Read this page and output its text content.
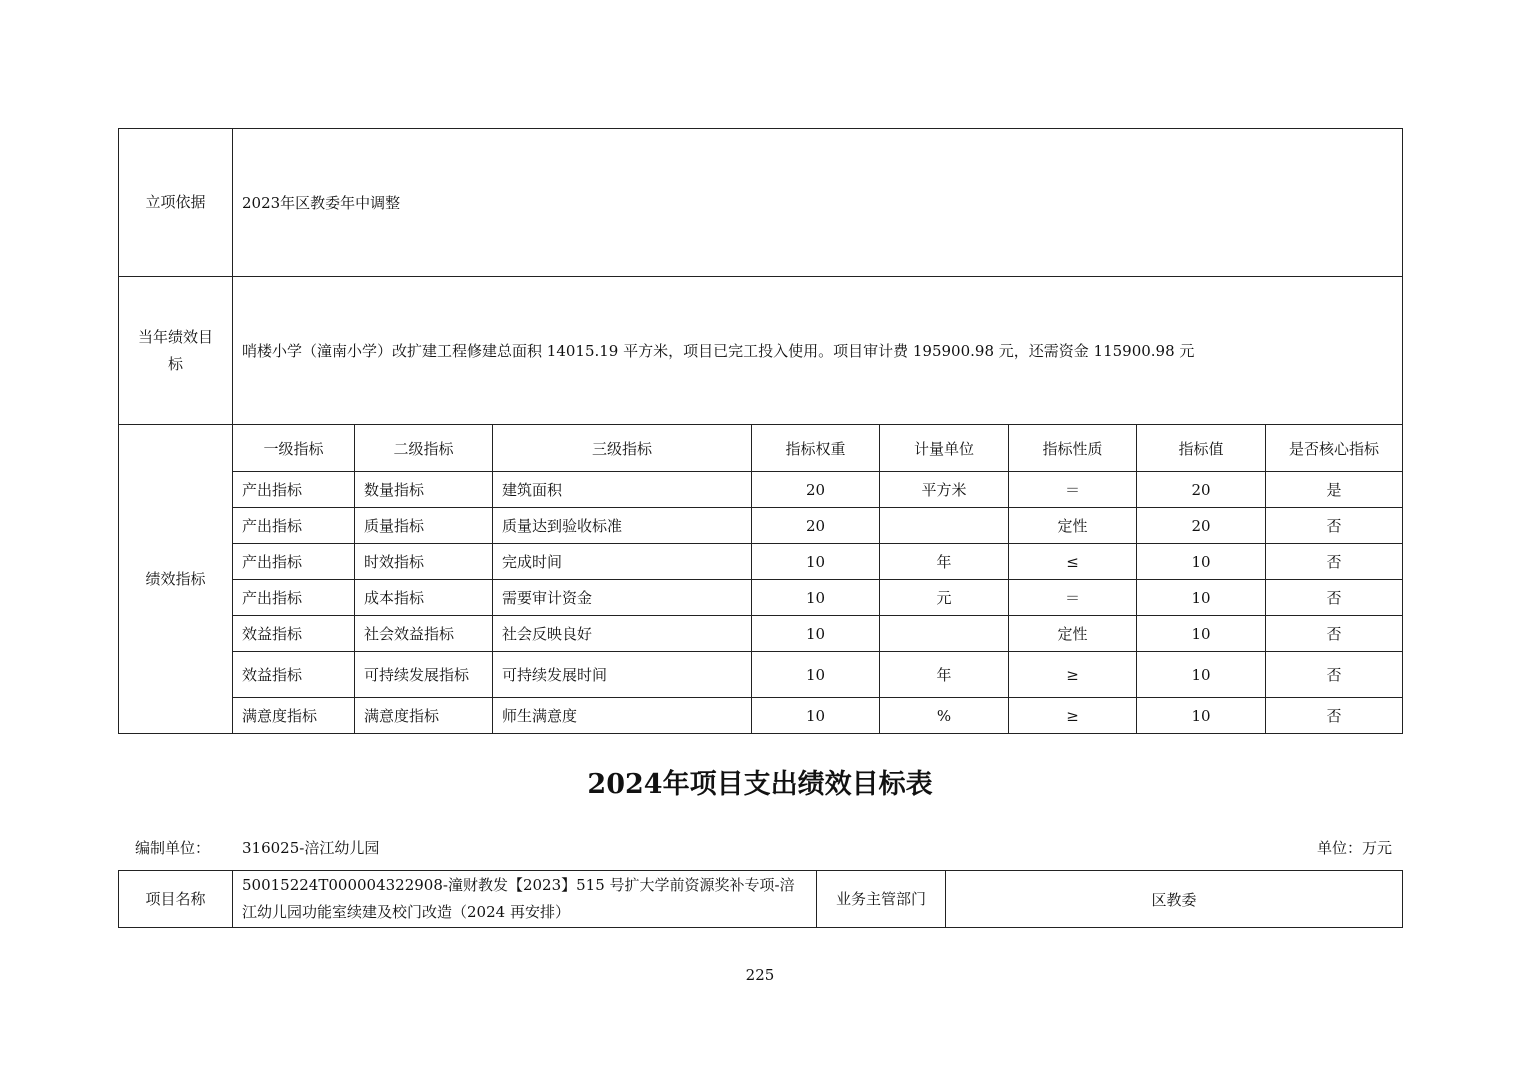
立项依据	2023年区教委年中调整							
当年绩效目标	哨楼小学（潼南小学）改扩建工程修建总面积 14015.19 平方米，项目已完工投入使用。项目审计费 195900.98 元，还需资金 115900.98 元							
绩效指标	一级指标	二级指标	三级指标	指标权重	计量单位	指标性质	指标值	是否核心指标
	产出指标	数量指标	建筑面积	20	平方米	＝	20	是
	产出指标	质量指标	质量达到验收标准	20		定性	20	否
	产出指标	时效指标	完成时间	10	年	≤	10	否
	产出指标	成本指标	需要审计资金	10	元	＝	10	否
	效益指标	社会效益指标	社会反映良好	10		定性	10	否
	效益指标	可持续发展指标	可持续发展时间	10	年	≥	10	否
	满意度指标	满意度指标	师生满意度	10	%	≥	10	否
2024年项目支出绩效目标表
编制单位： 316025-涪江幼儿园	单位：万元
项目名称	50015224T000004322908-潼财教发【2023】515 号扩大学前资源奖补专项-涪江幼儿园功能室续建及校门改造（2024 再安排）	业务主管部门	区教委
225
